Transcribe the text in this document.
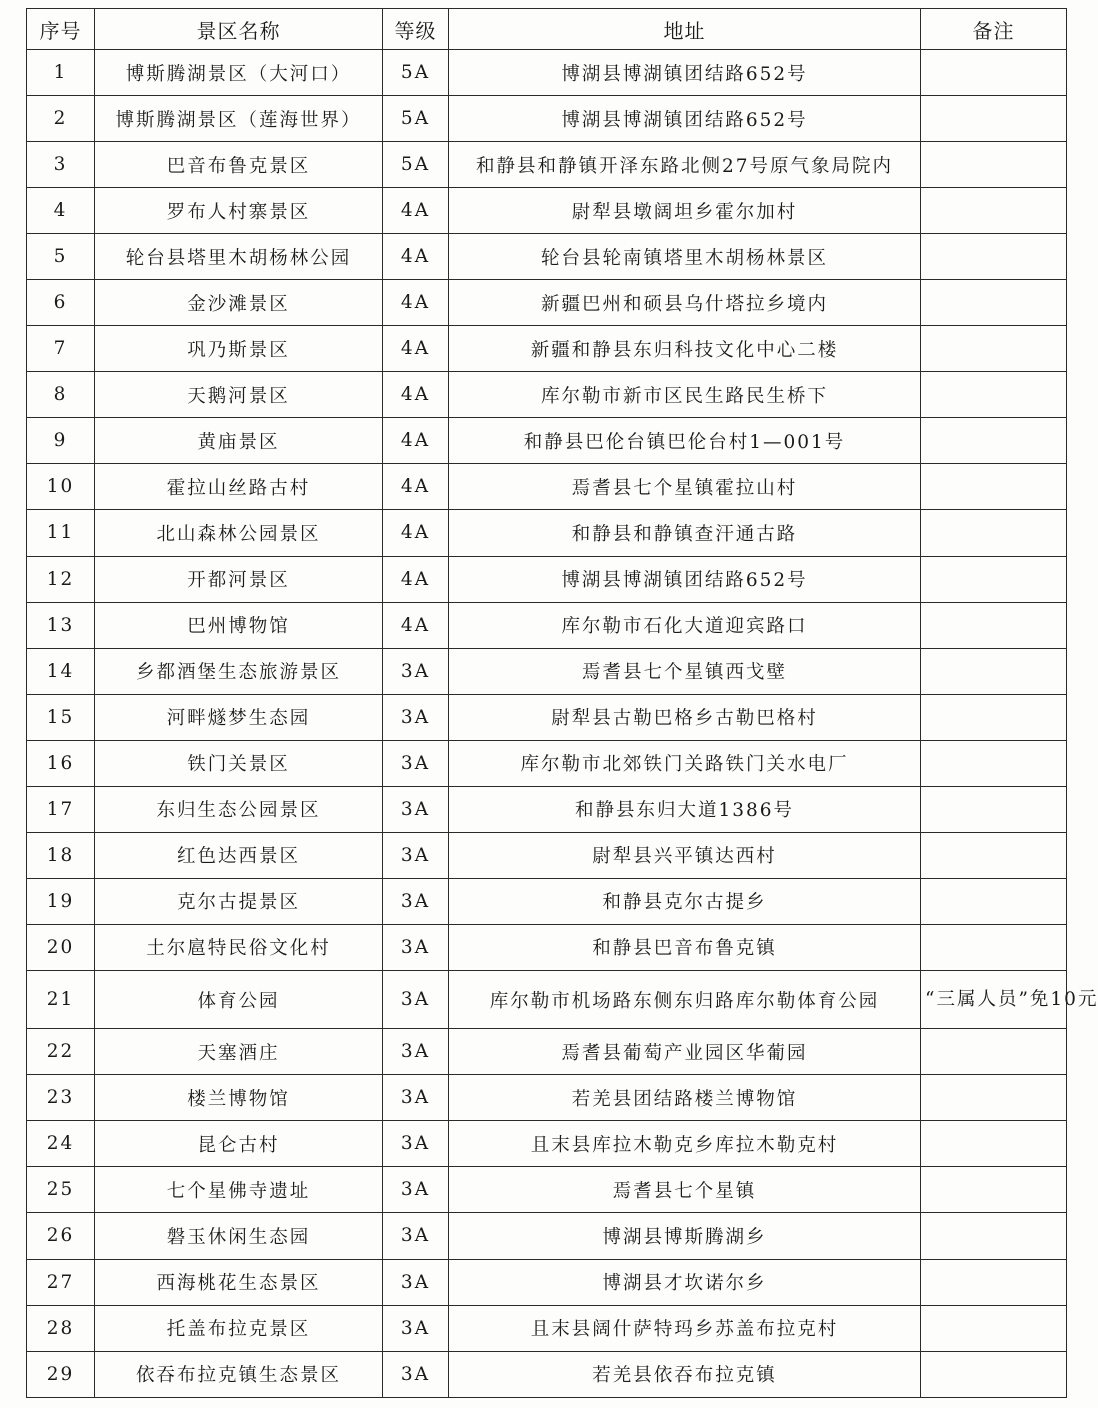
序号	景区名称	等级	地址	备注
1	博斯腾湖景区（大河口）	5A	博湖县博湖镇团结路652号	
2	博斯腾湖景区（莲海世界）	5A	博湖县博湖镇团结路652号	
3	巴音布鲁克景区	5A	和静县和静镇开泽东路北侧27号原气象局院内	
4	罗布人村寨景区	4A	尉犁县墩阔坦乡霍尔加村	
5	轮台县塔里木胡杨林公园	4A	轮台县轮南镇塔里木胡杨林景区	
6	金沙滩景区	4A	新疆巴州和硕县乌什塔拉乡境内	
7	巩乃斯景区	4A	新疆和静县东归科技文化中心二楼	
8	天鹅河景区	4A	库尔勒市新市区民生路民生桥下	
9	黄庙景区	4A	和静县巴伦台镇巴伦台村1—001号	
10	霍拉山丝路古村	4A	焉耆县七个星镇霍拉山村	
11	北山森林公园景区	4A	和静县和静镇查汗通古路	
12	开都河景区	4A	博湖县博湖镇团结路652号	
13	巴州博物馆	4A	库尔勒市石化大道迎宾路口	
14	乡都酒堡生态旅游景区	3A	焉耆县七个星镇西戈壁	
15	河畔燧梦生态园	3A	尉犁县古勒巴格乡古勒巴格村	
16	铁门关景区	3A	库尔勒市北郊铁门关路铁门关水电厂	
17	东归生态公园景区	3A	和静县东归大道1386号	
18	红色达西景区	3A	尉犁县兴平镇达西村	
19	克尔古提景区	3A	和静县克尔古提乡	
20	土尔扈特民俗文化村	3A	和静县巴音布鲁克镇	
21	体育公园	3A	库尔勒市机场路东侧东归路库尔勒体育公园	“三属人员”免10元
22	天塞酒庄	3A	焉耆县葡萄产业园区华葡园	
23	楼兰博物馆	3A	若羌县团结路楼兰博物馆	
24	昆仑古村	3A	且末县库拉木勒克乡库拉木勒克村	
25	七个星佛寺遗址	3A	焉耆县七个星镇	
26	磐玉休闲生态园	3A	博湖县博斯腾湖乡	
27	西海桃花生态景区	3A	博湖县才坎诺尔乡	
28	托盖布拉克景区	3A	且末县阔什萨特玛乡苏盖布拉克村	
29	依吞布拉克镇生态景区	3A	若羌县依吞布拉克镇	
